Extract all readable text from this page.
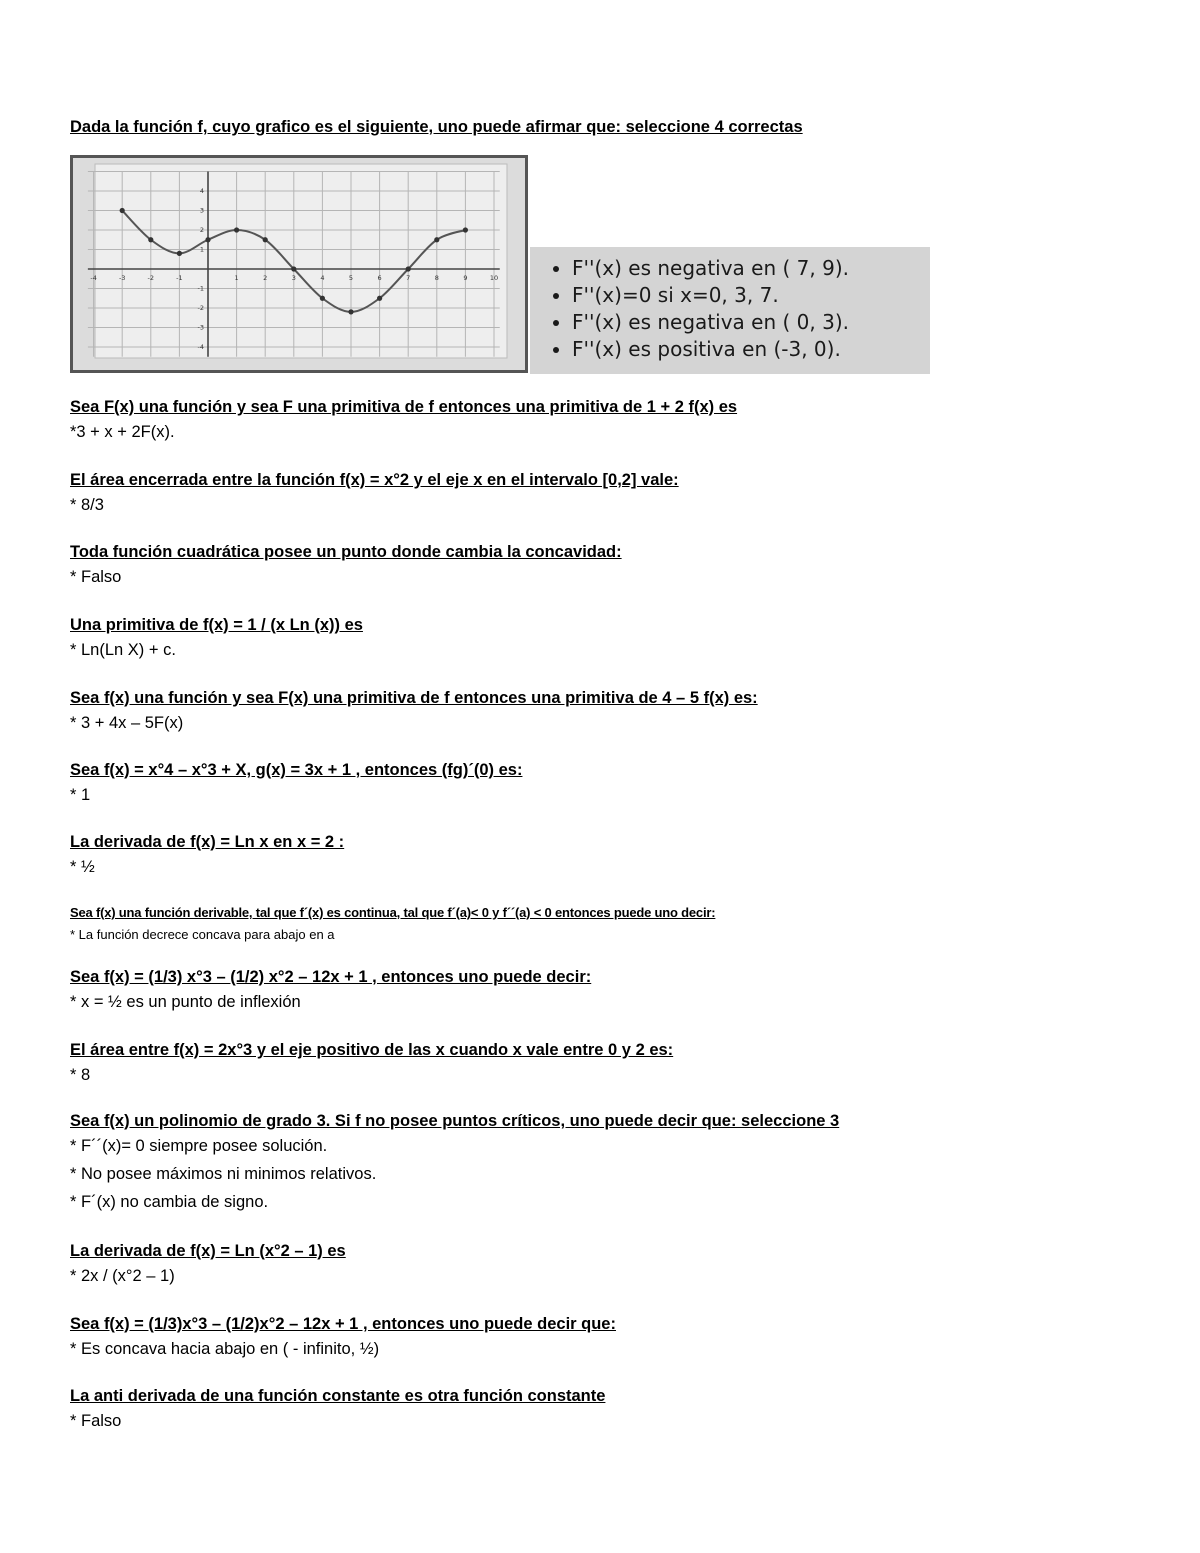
Dada la función f, cuyo grafico es el siguiente, uno puede afirmar que: seleccione 4 correctas

-4	-3	-2	-1	1	2	3	4	5	6	7	8	9	10
4
3
2
1
-1
-2
-3
-4
• F''(x) es negativa en ( 7, 9).
• F''(x)=0 si x=0, 3, 7.
• F''(x) es negativa en ( 0, 3).
• F''(x) es positiva en (-3, 0).

Sea F(x) una función y sea F una primitiva de f entonces una primitiva de 1 + 2 f(x) es

*3 + x + 2F(x).

El área encerrada entre la función f(x) = x°2 y el eje x en el intervalo [0,2] vale:

* 8/3

Toda función cuadrática posee un punto donde cambia la concavidad:

* Falso

Una primitiva de f(x) = 1 / (x Ln (x)) es

* Ln(Ln X) + c.

Sea f(x) una función y sea F(x) una primitiva de f entonces una primitiva de 4 – 5 f(x) es:

* 3 + 4x – 5F(x)

Sea f(x) = x°4 – x°3 + X, g(x) = 3x + 1 , entonces (fg)´(0) es:

* 1

La derivada de f(x) = Ln x en x = 2 :

* ½

Sea f(x) una función derivable, tal que f´(x) es continua, tal que f´(a)< 0 y f´´(a) < 0 entonces puede uno decir:

* La función decrece concava para abajo en a

Sea f(x) = (1/3) x°3 – (1/2) x°2 – 12x + 1 , entonces uno puede decir:

* x = ½ es un punto de inflexión

El área entre f(x) = 2x°3 y el eje positivo de las x cuando x vale entre 0 y 2 es:

* 8

Sea f(x) un polinomio de grado 3. Si f no posee puntos críticos, uno puede decir que: seleccione 3

* F´´(x)= 0 siempre posee solución.

* No posee máximos ni minimos relativos.

* F´(x) no cambia de signo.

La derivada de f(x) = Ln (x°2 – 1) es

* 2x / (x°2 – 1)

Sea f(x) = (1/3)x°3 – (1/2)x°2 – 12x + 1 , entonces uno puede decir que:

* Es concava hacia abajo en ( - infinito, ½)

La anti derivada de una función constante es otra función constante

* Falso
